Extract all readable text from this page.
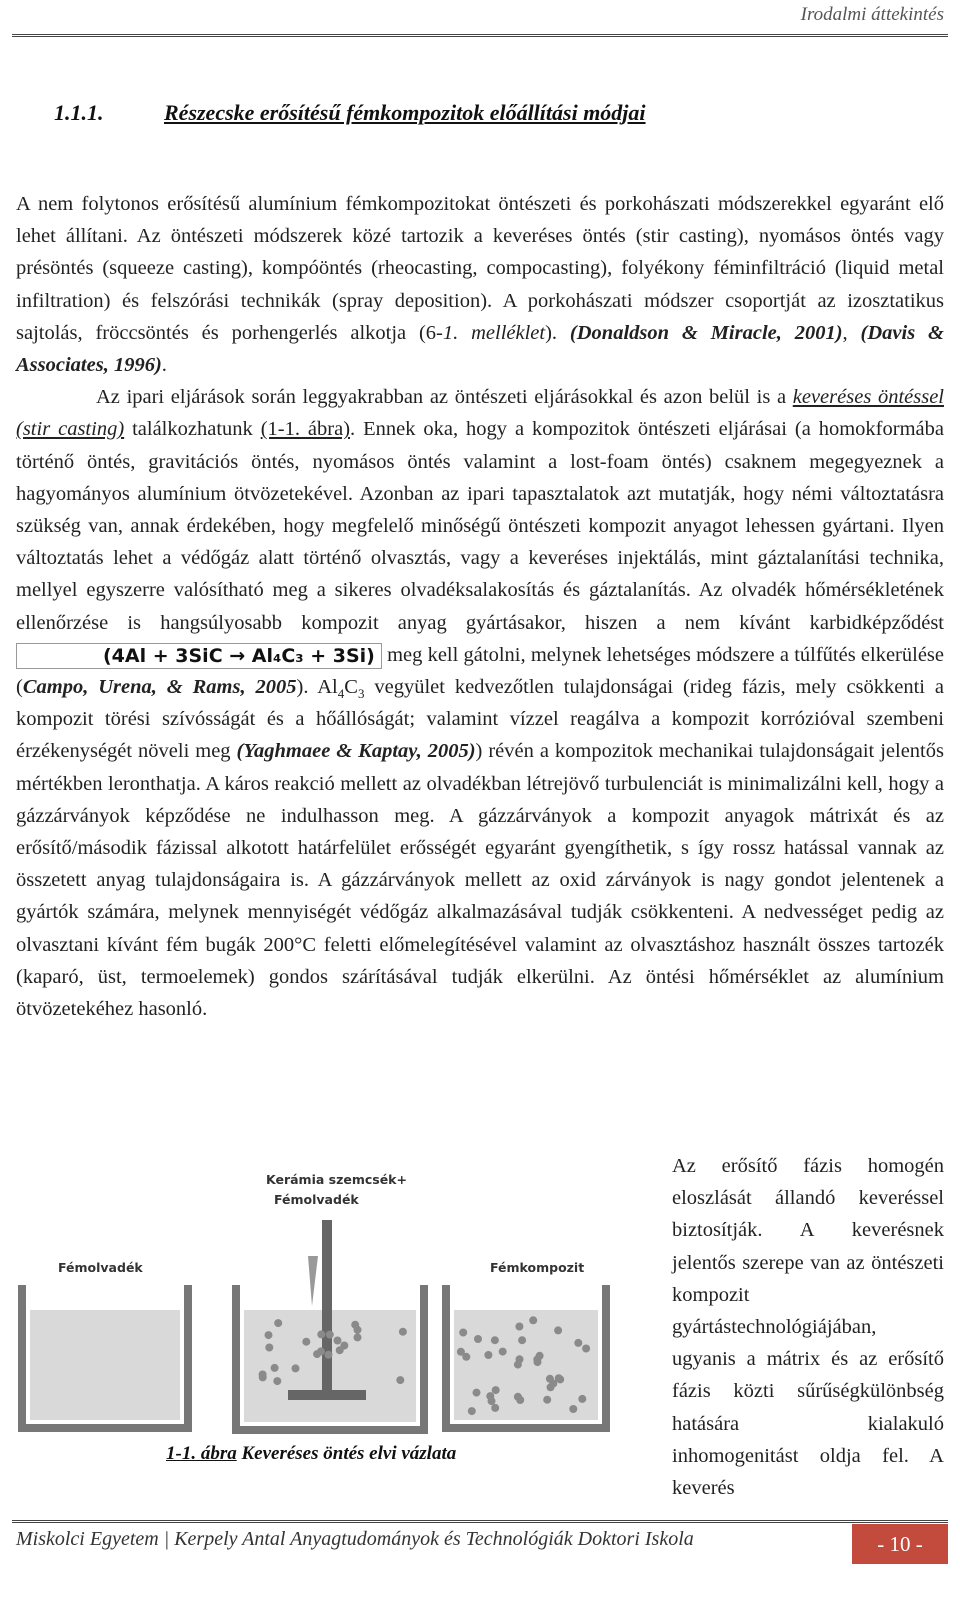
Irodalmi áttekintés
1.1.1.	Részecske erősítésű fémkompozitok előállítási módjai

A nem folytonos erősítésű alumínium fémkompozitokat öntészeti és porkohászati módszerekkel egyaránt elő lehet állítani. Az öntészeti módszerek közé tartozik a keveréses öntés (stir casting), nyomásos öntés vagy présöntés (squeeze casting), kompóöntés (rheocasting, compocasting), folyékony féminfiltráció (liquid metal infiltration) és felszórási technikák (spray deposition). A porkohászati módszer csoportját az izosztatikus sajtolás, fröccsöntés és porhengerlés alkotja (6-1. melléklet). (Donaldson & Miracle, 2001), (Davis & Associates, 1996).

Az ipari eljárások során leggyakrabban az öntészeti eljárásokkal és azon belül is a keveréses öntéssel (stir casting) találkozhatunk (1-1. ábra). Ennek oka, hogy a kompozitok öntészeti eljárásai (a homokformába történő öntés, gravitációs öntés, nyomásos öntés valamint a lost-foam öntés) csaknem megegyeznek a hagyományos alumínium ötvözetekével. Azonban az ipari tapasztalatok azt mutatják, hogy némi változtatásra szükség van, annak érdekében, hogy megfelelő minőségű öntészeti kompozit anyagot lehessen gyártani. Ilyen változtatás lehet a védőgáz alatt történő olvasztás, vagy a keveréses injektálás, mint gáztalanítási technika, mellyel egyszerre valósítható meg a sikeres olvadéksalakosítás és gáztalanítás. Az olvadék hőmérsékletének ellenőrzése is hangsúlyosabb kompozit anyag gyártásakor, hiszen a nem kívánt karbidképződést (4Al + 3SiC → Al₄C₃ + 3Si) meg kell gátolni, melynek lehetséges módszere a túlfűtés elkerülése (Campo, Urena, & Rams, 2005). $Al_4C_3$ vegyület kedvezőtlen tulajdonságai (rideg fázis, mely csökkenti a kompozit törési szívósságát és a hőállóságát; valamint vízzel reagálva a kompozit korrózióval szembeni érzékenységét növeli meg (Yaghmaee & Kaptay, 2005)) révén a kompozitok mechanikai tulajdonságait jelentős mértékben leronthatja. A káros reakció mellett az olvadékban létrejövő turbulenciát is minimalizálni kell, hogy a gázzárványok képződése ne indulhasson meg. A gázzárványok a kompozit anyagok mátrixát és az erősítő/második fázissal alkotott határfelület erősségét egyaránt gyengíthetik, s így rossz hatással vannak az összetett anyag tulajdonságaira is. A gázzárványok mellett az oxid zárványok is nagy gondot jelentenek a gyártók számára, melynek mennyiségét védőgáz alkalmazásával tudják csökkenteni. A nedvességet pedig az olvasztani kívánt fém bugák 200°C feletti előmelegítésével valamint az olvasztáshoz használt összes tartozék (kaparó, üst, termoelemek) gondos szárításával tudják elkerülni. Az öntési hőmérséklet az alumínium ötvözetekéhez hasonló.

Az erősítő fázis homogén eloszlását állandó keveréssel biztosítják. A keverésnek jelentős szerepe van az öntészeti kompozit gyártástechnológiájában, ugyanis a mátrix és az erősítő fázis közti sűrűségkülönbség hatására kialakuló inhomogenitást oldja fel. A keverés
Fémolvadék
Kerámia szemcsék+
Fémolvadék
Fémkompozit
1-1. ábra Keveréses öntés elvi vázlata
Miskolci Egyetem | Kerpely Antal Anyagtudományok és Technológiák Doktori Iskola	- 10 -
